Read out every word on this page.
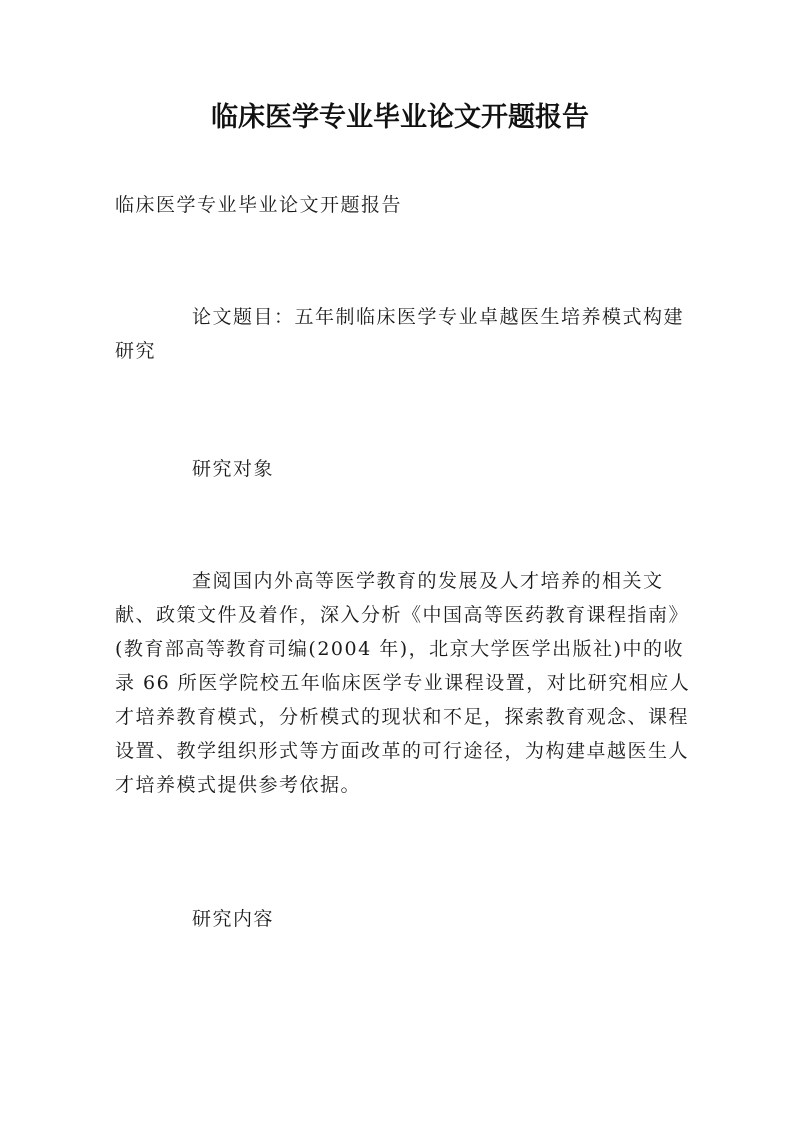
临床医学专业毕业论文开题报告

临床医学专业毕业论文开题报告

论文题目：五年制临床医学专业卓越医生培养模式构建研究

研究对象

查阅国内外高等医学教育的发展及人才培养的相关文献、政策文件及着作，深入分析《中国高等医药教育课程指南》(教育部高等教育司编(2004 年)，北京大学医学出版社)中的收录 66 所医学院校五年临床医学专业课程设置，对比研究相应人才培养教育模式，分析模式的现状和不足，探索教育观念、课程设置、教学组织形式等方面改革的可行途径，为构建卓越医生人才培养模式提供参考依据。

研究内容
